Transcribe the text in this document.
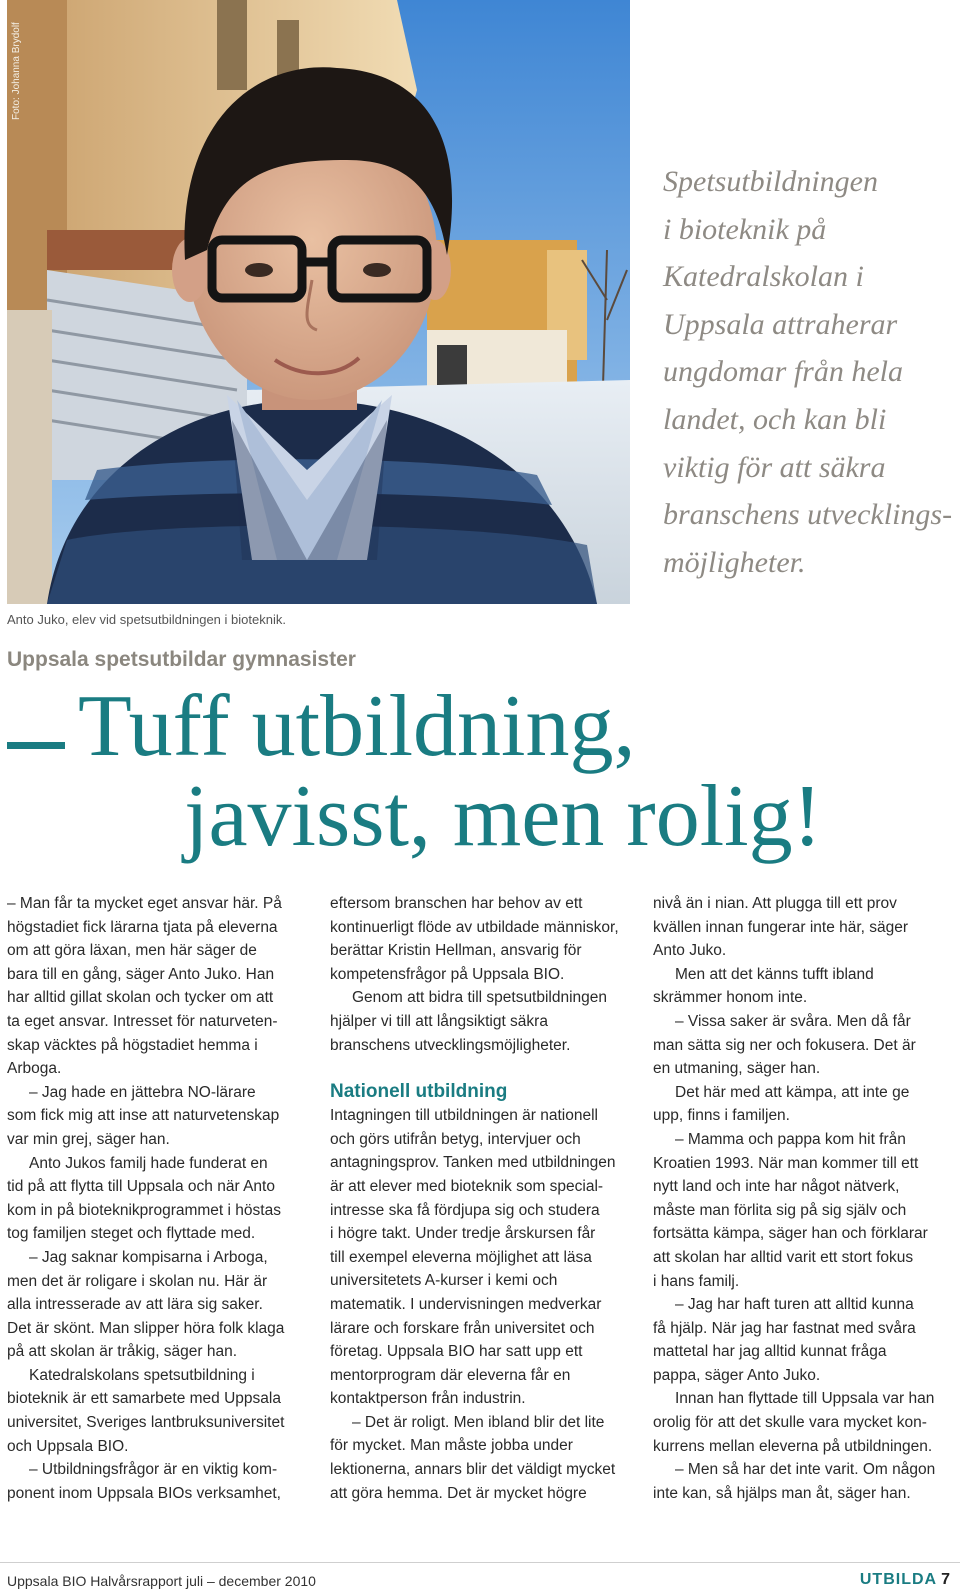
Foto: Johanna Brydolf
Spetsutbildningen
i bioteknik på
Katedralskolan i
Uppsala attraherar
ungdomar från hela
landet, och kan bli
viktig för att säkra
branschens utvecklings-
möjligheter.
Anto Juko, elev vid spetsutbildningen i bioteknik.
Uppsala spetsutbildar gymnasister
Tuff utbildning,
javisst, men rolig!
– Man får ta mycket eget ansvar här. På
högstadiet fick lärarna tjata på eleverna
om att göra läxan, men här säger de
bara till en gång, säger Anto Juko. Han
har alltid gillat skolan och tycker om att
ta eget ansvar. Intresset för naturveten-
skap väcktes på högstadiet hemma i
Arboga.
– Jag hade en jättebra NO-lärare
som fick mig att inse att naturvetenskap
var min grej, säger han.
Anto Jukos familj hade funderat en
tid på att flytta till Uppsala och när Anto
kom in på bioteknikprogrammet i höstas
tog familjen steget och flyttade med.
– Jag saknar kompisarna i Arboga,
men det är roligare i skolan nu. Här är
alla intresserade av att lära sig saker.
Det är skönt. Man slipper höra folk klaga
på att skolan är tråkig, säger han.
Katedralskolans spetsutbildning i
bioteknik är ett samarbete med Uppsala
universitet, Sveriges lantbruksuniversitet
och Uppsala BIO.
– Utbildningsfrågor är en viktig kom-
ponent inom Uppsala BIOs verksamhet,
eftersom branschen har behov av ett
kontinuerligt flöde av utbildade människor,
berättar Kristin Hellman, ansvarig för
kompetensfrågor på Uppsala BIO.
Genom att bidra till spetsutbildningen
hjälper vi till att långsiktigt säkra
branschens utvecklingsmöjligheter.
Nationell utbildning
Intagningen till utbildningen är nationell
och görs utifrån betyg, intervjuer och
antagningsprov. Tanken med utbildningen
är att elever med bioteknik som special-
intresse ska få fördjupa sig och studera
i högre takt. Under tredje årskursen får
till exempel eleverna möjlighet att läsa
universitetets A-kurser i kemi och
matematik. I undervisningen medverkar
lärare och forskare från universitet och
företag. Uppsala BIO har satt upp ett
mentorprogram där eleverna får en
kontaktperson från industrin.
– Det är roligt. Men ibland blir det lite
för mycket. Man måste jobba under
lektionerna, annars blir det väldigt mycket
att göra hemma. Det är mycket högre
nivå än i nian. Att plugga till ett prov
kvällen innan fungerar inte här, säger
Anto Juko.
Men att det känns tufft ibland
skrämmer honom inte.
– Vissa saker är svåra. Men då får
man sätta sig ner och fokusera. Det är
en utmaning, säger han.
Det här med att kämpa, att inte ge
upp, finns i familjen.
– Mamma och pappa kom hit från
Kroatien 1993. När man kommer till ett
nytt land och inte har något nätverk,
måste man förlita sig på sig själv och
fortsätta kämpa, säger han och förklarar
att skolan har alltid varit ett stort fokus
i hans familj.
– Jag har haft turen att alltid kunna
få hjälp. När jag har fastnat med svåra
mattetal har jag alltid kunnat fråga
pappa, säger Anto Juko.
Innan han flyttade till Uppsala var han
orolig för att det skulle vara mycket kon-
kurrens mellan eleverna på utbildningen.
– Men så har det inte varit. Om någon
inte kan, så hjälps man åt, säger han.
Uppsala BIO Halvårsrapport juli – december 2010	UTBILDA 7
